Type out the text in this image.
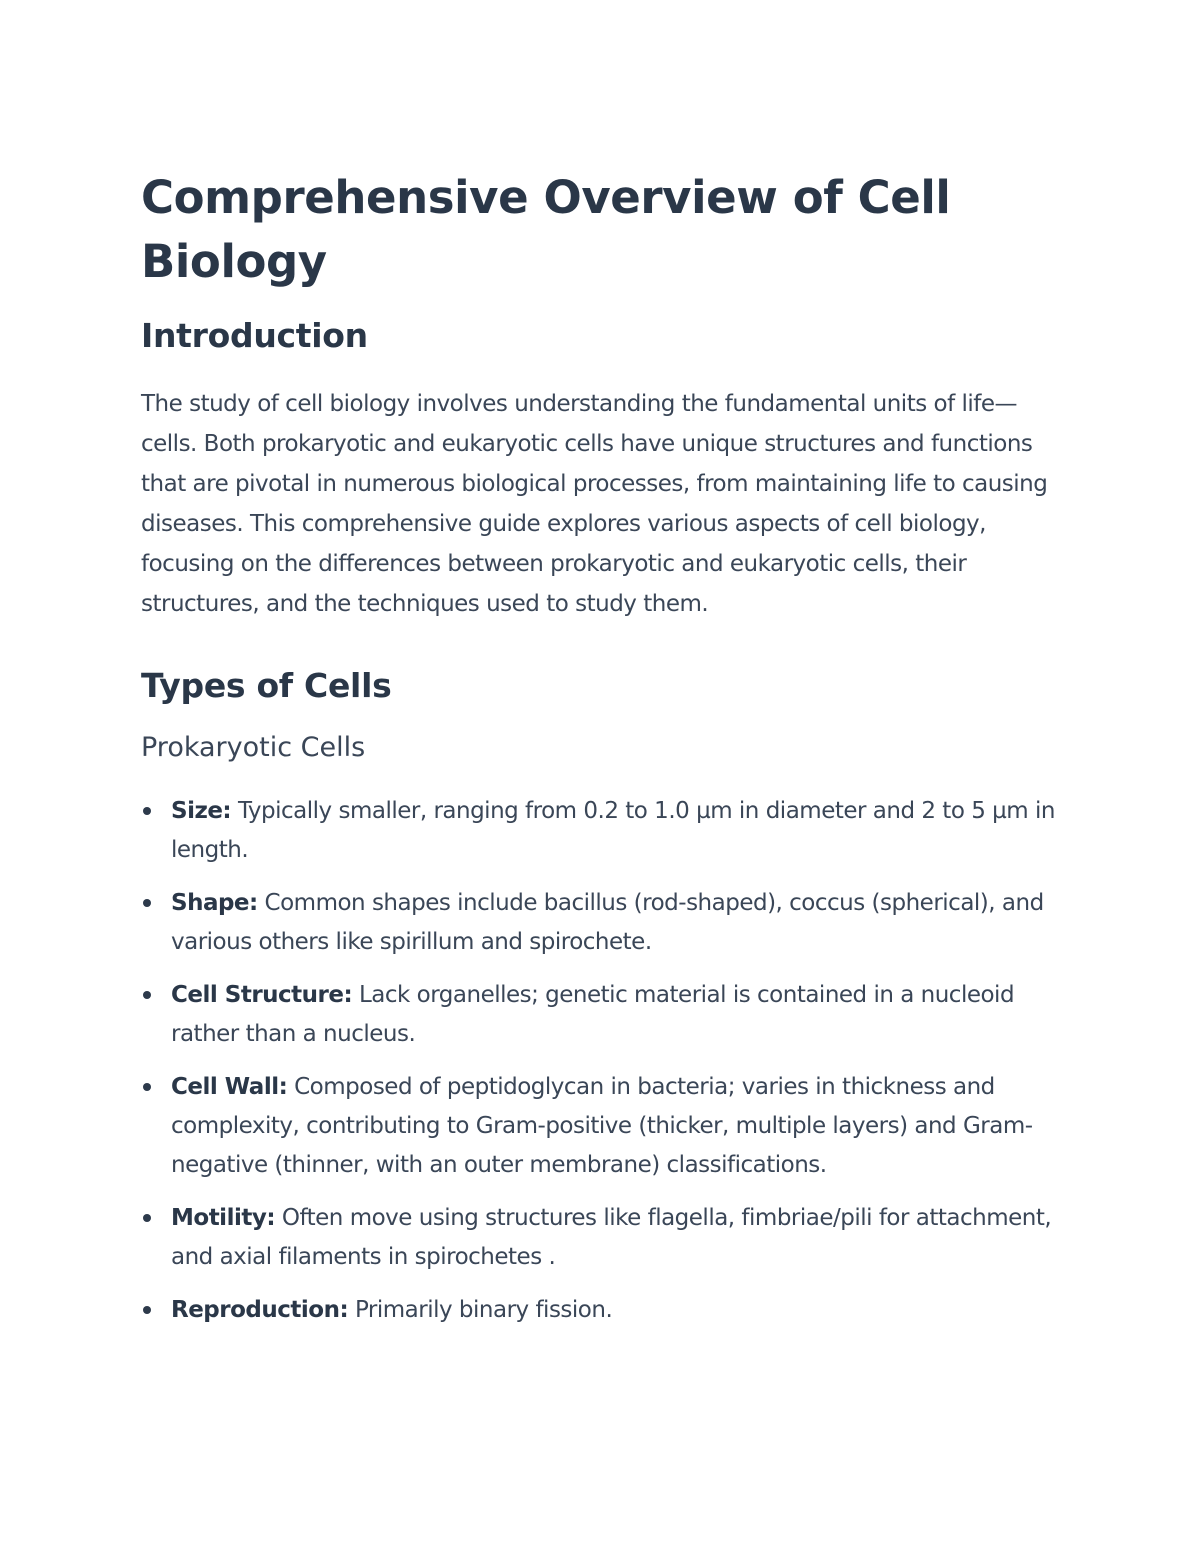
Comprehensive Overview of Cell Biology
Introduction

The study of cell biology involves understanding the fundamental units of life—cells. Both prokaryotic and eukaryotic cells have unique structures and functions that are pivotal in numerous biological processes, from maintaining life to causing diseases. This comprehensive guide explores various aspects of cell biology, focusing on the differences between prokaryotic and eukaryotic cells, their structures, and the techniques used to study them.

Types of Cells
Prokaryotic Cells
Size: Typically smaller, ranging from 0.2 to 1.0 µm in diameter and 2 to 5 µm in length.
Shape: Common shapes include bacillus (rod-shaped), coccus (spherical), and various others like spirillum and spirochete.
Cell Structure: Lack organelles; genetic material is contained in a nucleoid rather than a nucleus.
Cell Wall: Composed of peptidoglycan in bacteria; varies in thickness and complexity, contributing to Gram-positive (thicker, multiple layers) and Gram-negative (thinner, with an outer membrane) classifications.
Motility: Often move using structures like flagella, fimbriae/pili for attachment, and axial filaments in spirochetes .
Reproduction: Primarily binary fission.
